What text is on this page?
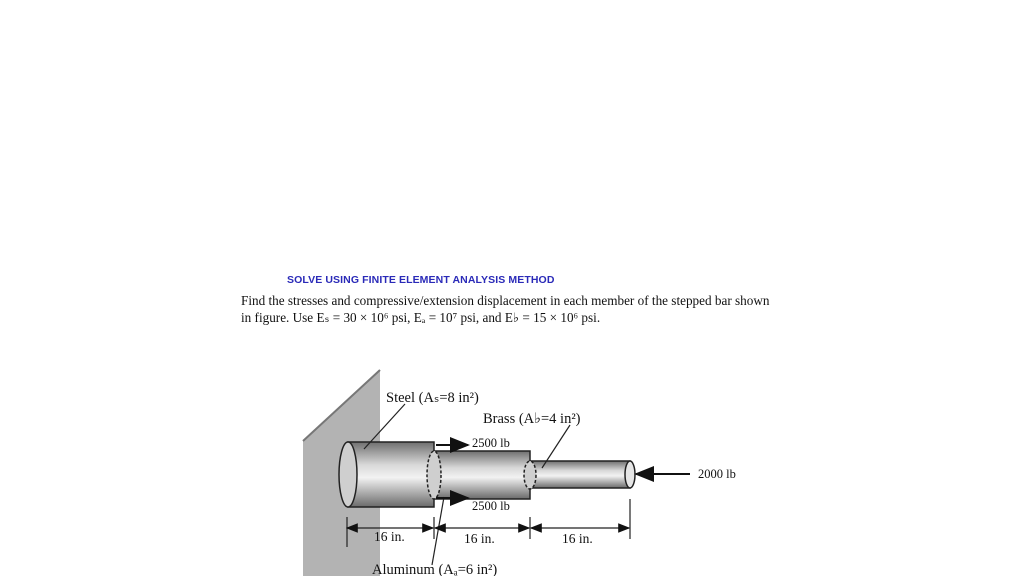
SOLVE USING FINITE ELEMENT ANALYSIS METHOD
Find the stresses and compressive/extension displacement in each member of the stepped bar shown
in figure. Use Eₛ = 30 × 10⁶ psi, Eₐ = 10⁷ psi, and E♭ = 15 × 10⁶ psi.
Steel (Aₛ=8 in²)
Brass (A♭=4 in²)
2500 lb
2500 lb
2000 lb
16 in.	16 in.	16 in.
Aluminum (Aₐ=6 in²)
